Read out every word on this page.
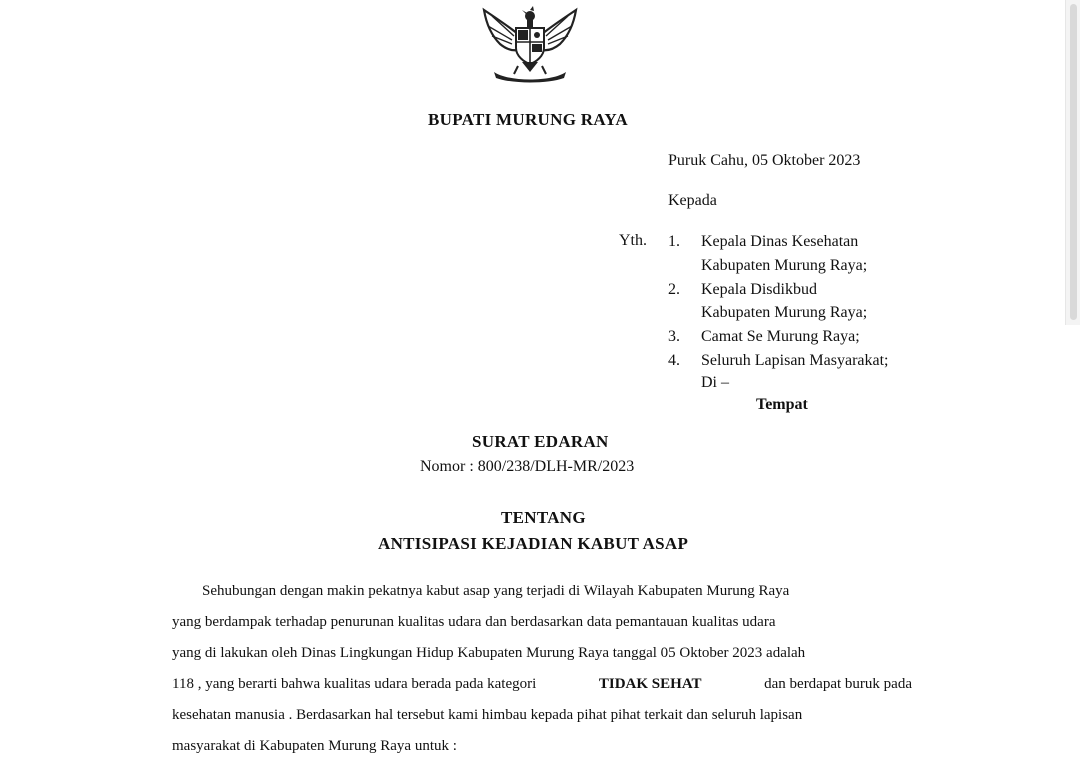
BUPATI MURUNG RAYA
Puruk Cahu, 05 Oktober 2023
Kepada
Yth. 1.	Kepala Dinas Kesehatan
Kabupaten Murung Raya;
2.	Kepala Disdikbud
Kabupaten Murung Raya;
3.	Camat Se Murung Raya;
4.	Seluruh Lapisan Masyarakat;
Di –
Tempat
SURAT EDARAN
Nomor : 800/238/DLH-MR/2023
TENTANG
ANTISIPASI KEJADIAN KABUT ASAP
Sehubungan dengan makin pekatnya kabut asap yang terjadi di Wilayah Kabupaten Murung Raya
yang berdampak terhadap penurunan kualitas udara dan berdasarkan data pemantauan kualitas udara
yang di lakukan oleh Dinas Lingkungan Hidup Kabupaten Murung Raya tanggal 05 Oktober 2023 adalah
118 , yang berarti bahwa kualitas udara berada pada kategori	TIDAK SEHAT	dan berdapat buruk pada
kesehatan manusia . Berdasarkan hal tersebut kami himbau kepada pihat pihat terkait dan seluruh lapisan
masyarakat di Kabupaten Murung Raya untuk :
